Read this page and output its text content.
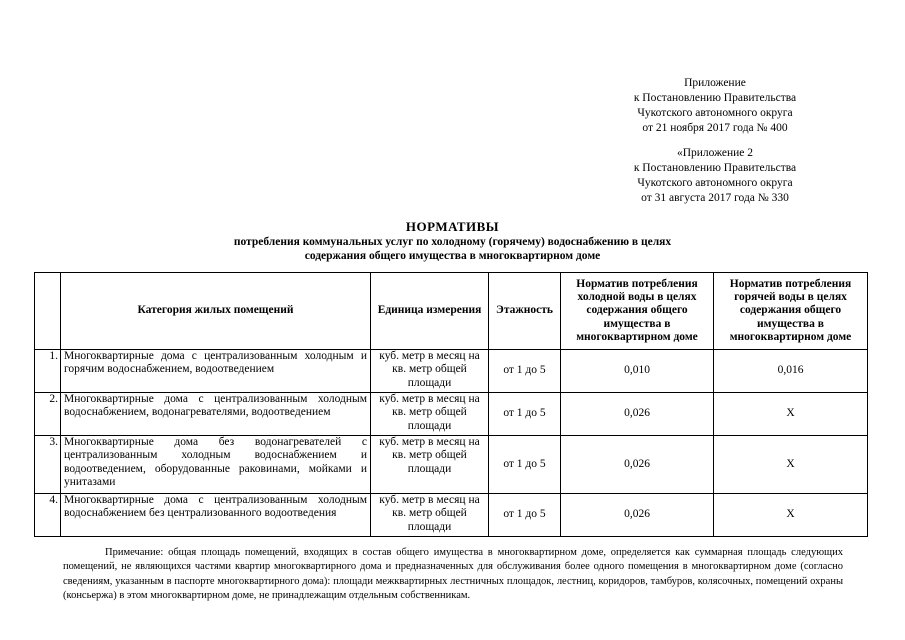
Приложение
к Постановлению Правительства
Чукотского автономного округа
от 21 ноября 2017 года № 400
«Приложение 2
к Постановлению Правительства
Чукотского автономного округа
от 31 августа 2017 года № 330
НОРМАТИВЫ
потребления коммунальных услуг по холодному (горячему) водоснабжению в целях
содержания общего имущества в многоквартирном доме
	Категория жилых помещений	Единица измерения	Этажность	Норматив потребления холодной воды в целях содержания общего имущества в многоквартирном доме	Норматив потребления горячей воды в целях содержания общего имущества в многоквартирном доме
1.	Многоквартирные дома с централизованным холодным и горячим водоснабжением, водоотведением	куб. метр в месяц на кв. метр общей площади	от 1 до 5	0,010	0,016
2.	Многоквартирные дома с централизованным холодным водоснабжением, водонагревателями, водоотведением	куб. метр в месяц на кв. метр общей площади	от 1 до 5	0,026	Х
3.	Многоквартирные дома без водонагревателей с централизованным холодным водоснабжением и водоотведением, оборудованные раковинами, мойками и унитазами	куб. метр в месяц на кв. метр общей площади	от 1 до 5	0,026	Х
4.	Многоквартирные дома с централизованным холодным водоснабжением без централизованного водоотведения	куб. метр в месяц на кв. метр общей площади	от 1 до 5	0,026	Х
Примечание: общая площадь помещений, входящих в состав общего имущества в многоквартирном доме, определяется как суммарная площадь следующих помещений, не являющихся частями квартир многоквартирного дома и предназначенных для обслуживания более одного помещения в многоквартирном доме (согласно сведениям, указанным в паспорте многоквартирного дома): площади межквартирных лестничных площадок, лестниц, коридоров, тамбуров, колясочных, помещений охраны (консьержа) в этом многоквартирном доме, не принадлежащим отдельным собственникам.
